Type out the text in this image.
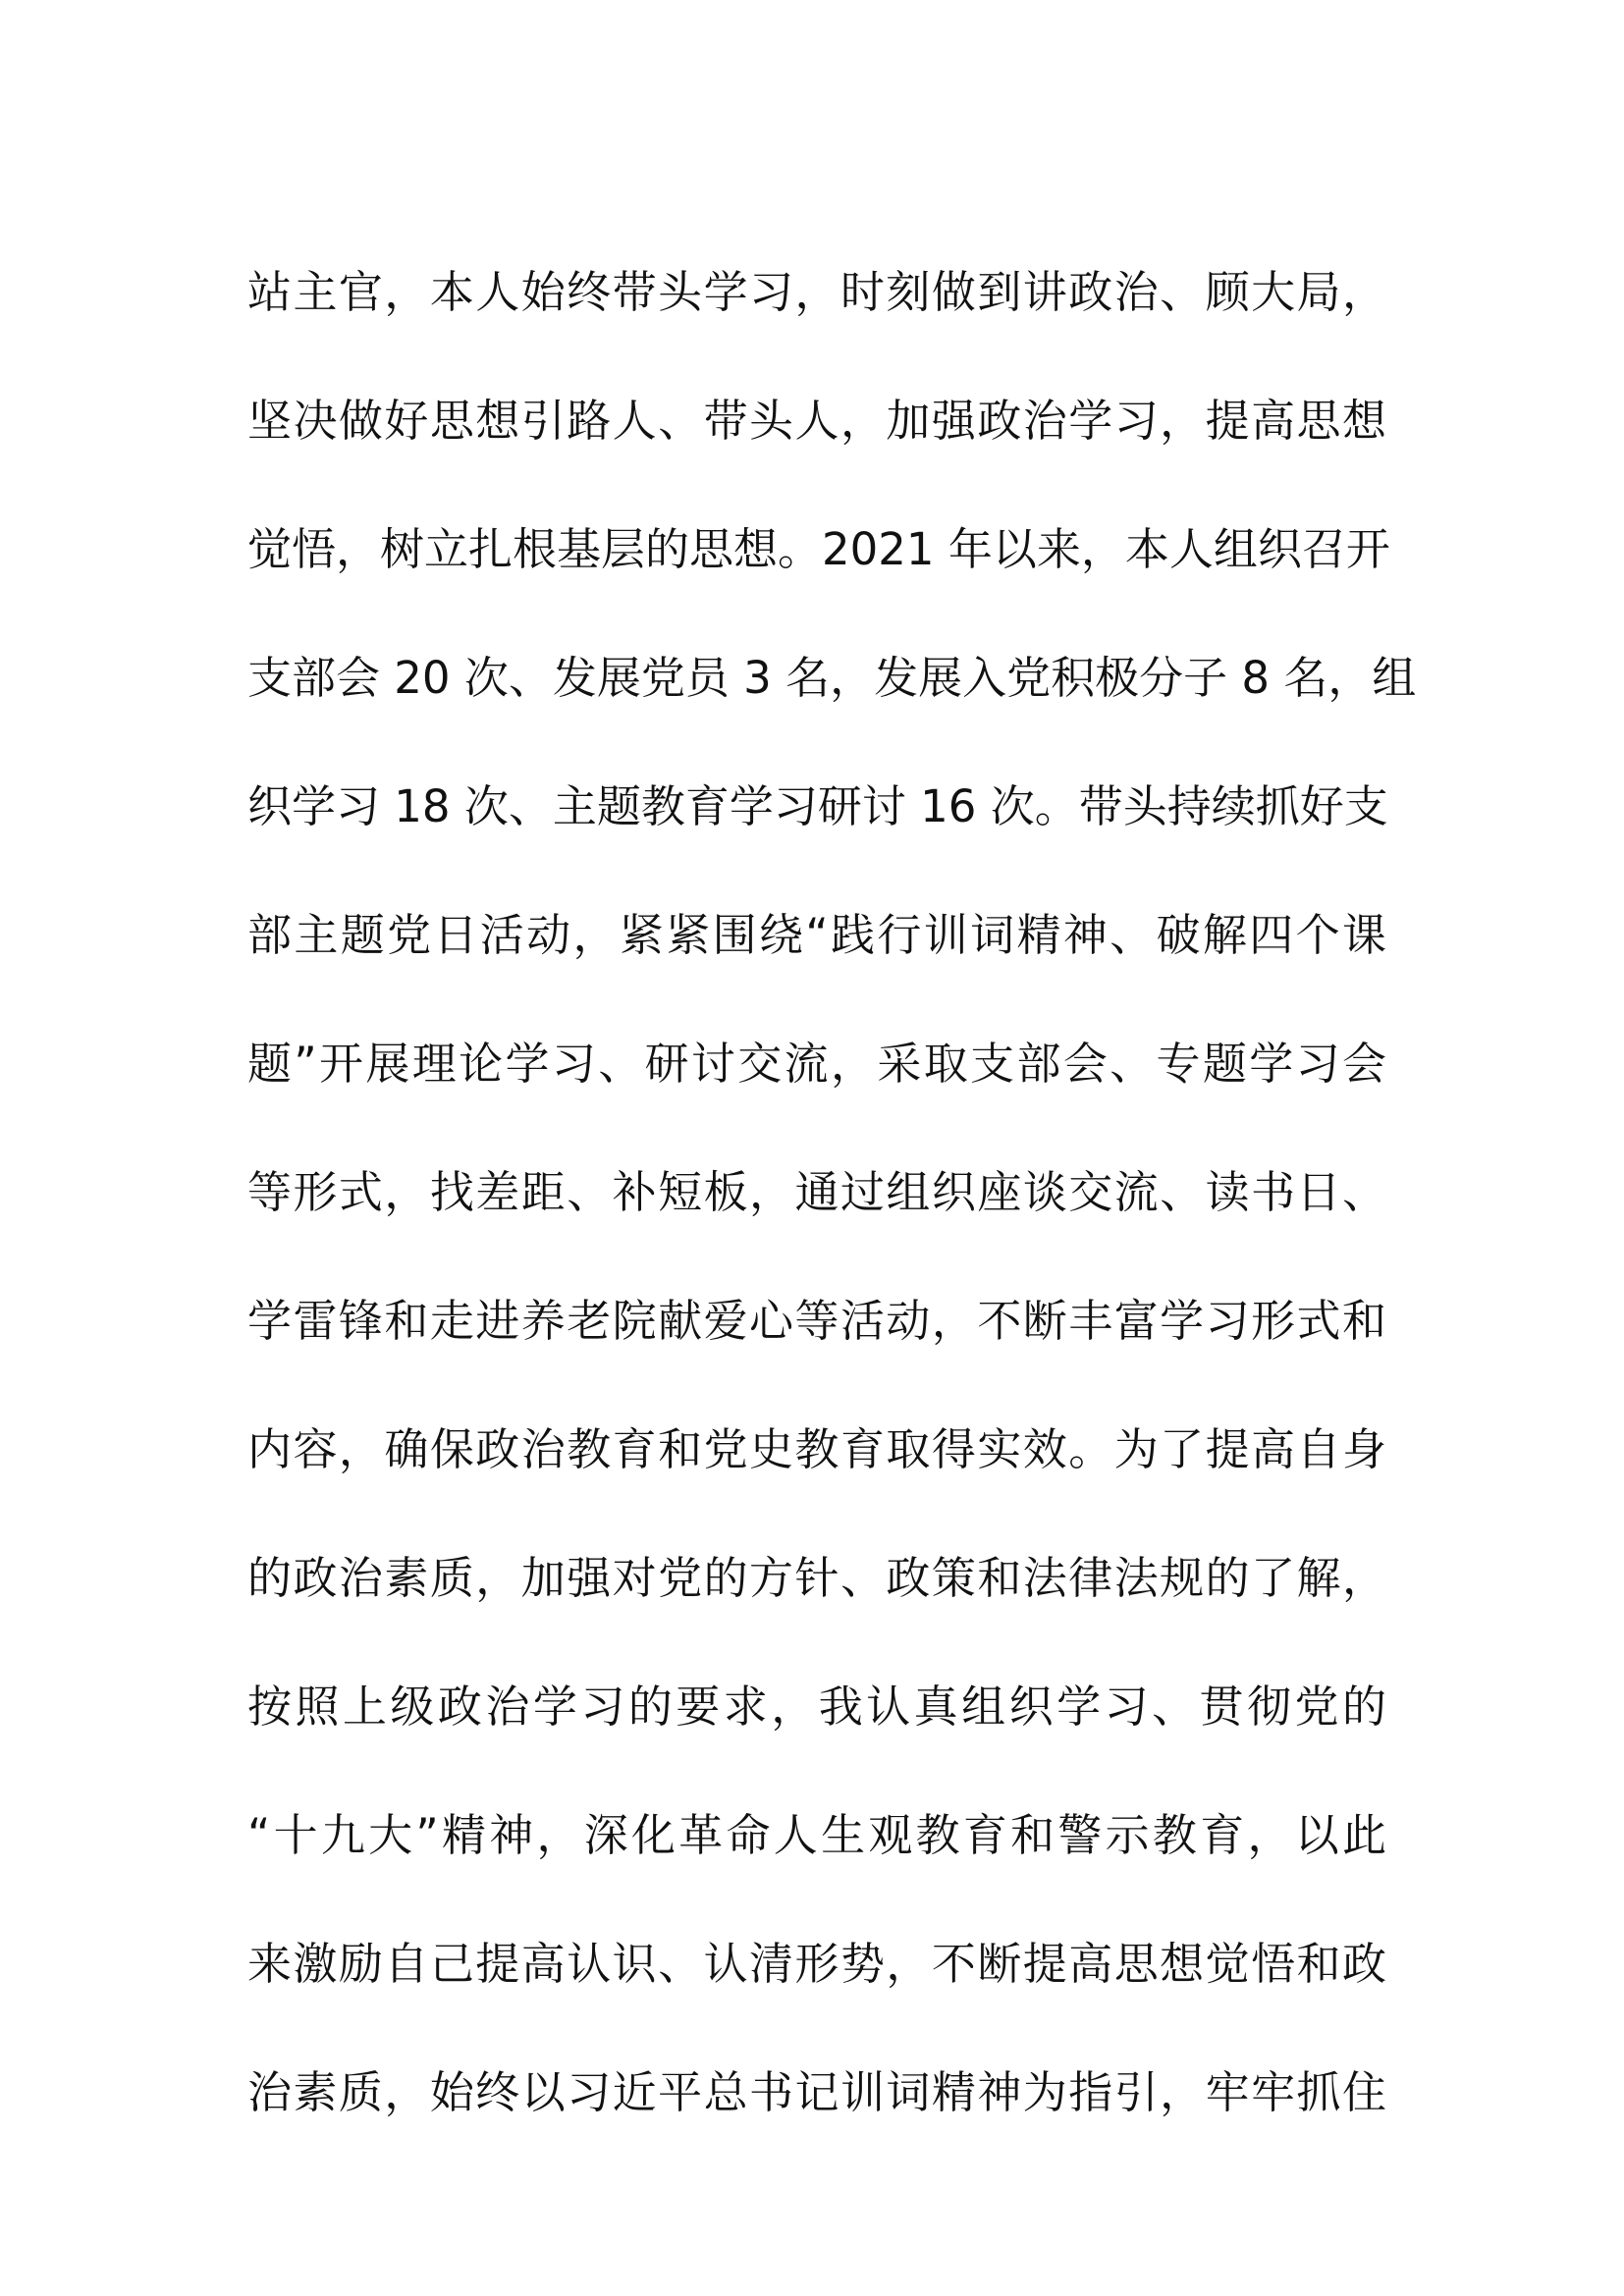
站主官，本人始终带头学习，时刻做到讲政治、顾大局，
坚决做好思想引路人、带头人，加强政治学习，提高思想
觉悟，树立扎根基层的思想。2021 年以来，本人组织召开
支部会 20 次、发展党员 3 名，发展入党积极分子 8 名，组
织学习 18 次、主题教育学习研讨 16 次。带头持续抓好支
部主题党日活动，紧紧围绕“践行训词精神、破解四个课
题”开展理论学习、研讨交流，采取支部会、专题学习会
等形式，找差距、补短板，通过组织座谈交流、读书日、
学雷锋和走进养老院献爱心等活动，不断丰富学习形式和
内容，确保政治教育和党史教育取得实效。为了提高自身
的政治素质，加强对党的方针、政策和法律法规的了解，
按照上级政治学习的要求，我认真组织学习、贯彻党的
“十九大”精神，深化革命人生观教育和警示教育，以此
来激励自己提高认识、认清形势，不断提高思想觉悟和政
治素质，始终以习近平总书记训词精神为指引，牢牢抓住
